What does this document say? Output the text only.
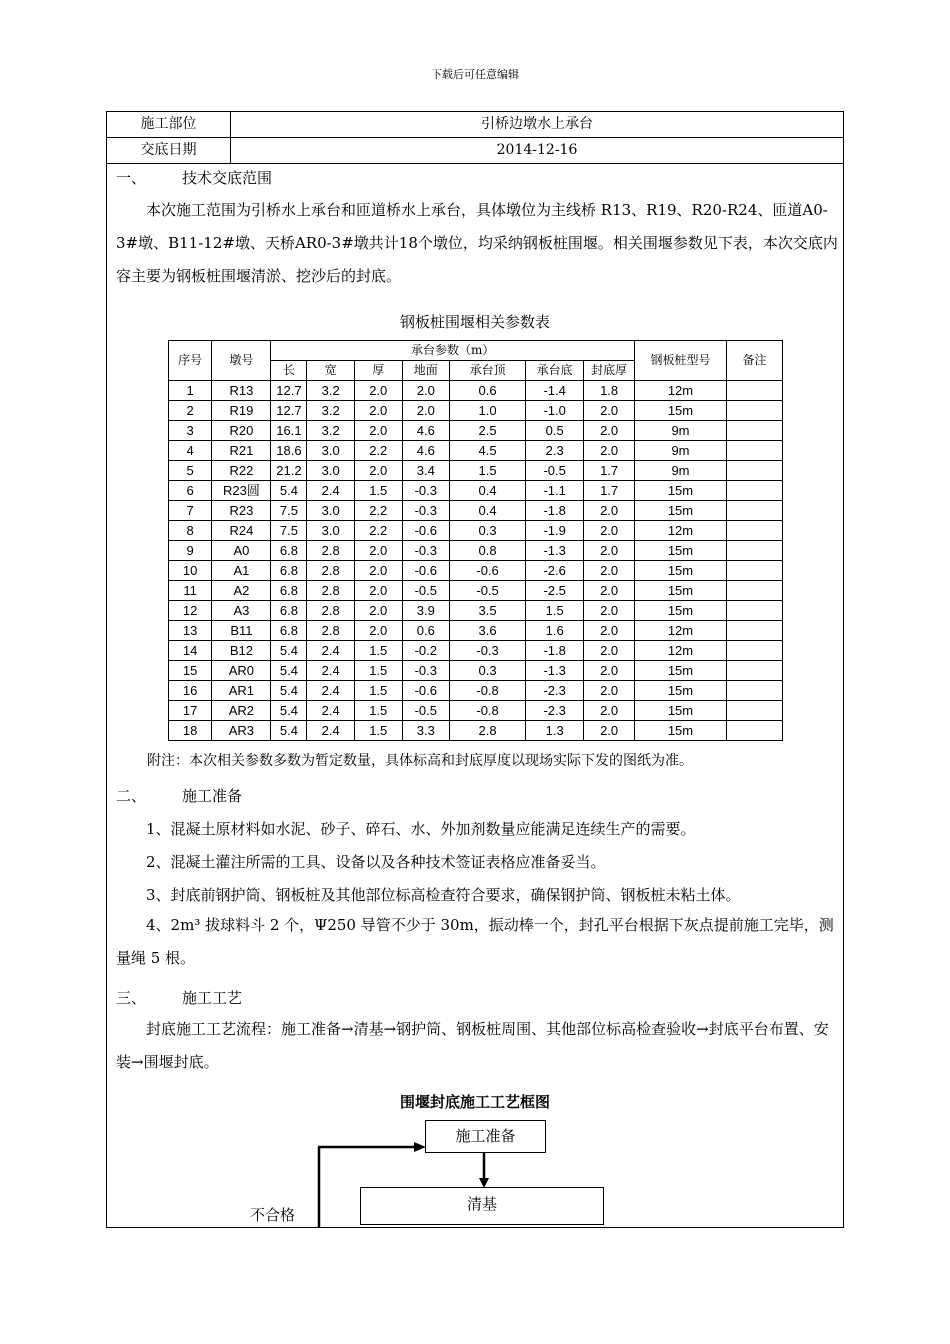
下载后可任意编辑
施工部位	引桥边墩水上承台
交底日期	2014-12-16
一、 技术交底范围
本次施工范围为引桥水上承台和匝道桥水上承台，具体墩位为主线桥 R13、R19、R20-R24、匝道A0-3#墩、B11-12#墩、天桥AR0-3#墩共计18个墩位，均采纳钢板桩围堰。相关围堰参数见下表，本次交底内容主要为钢板桩围堰清淤、挖沙后的封底。
钢板桩围堰相关参数表
序号	墩号	承台参数（m）							钢板桩型号	备注
		长	宽	厚	地面	承台顶	承台底	封底厚		
1	R13	12.7	3.2	2.0	2.0	0.6	-1.4	1.8	12m	
2	R19	12.7	3.2	2.0	2.0	1.0	-1.0	2.0	15m	
3	R20	16.1	3.2	2.0	4.6	2.5	0.5	2.0	9m	
4	R21	18.6	3.0	2.2	4.6	4.5	2.3	2.0	9m	
5	R22	21.2	3.0	2.0	3.4	1.5	-0.5	1.7	9m	
6	R23圆	5.4	2.4	1.5	-0.3	0.4	-1.1	1.7	15m	
7	R23	7.5	3.0	2.2	-0.3	0.4	-1.8	2.0	15m	
8	R24	7.5	3.0	2.2	-0.6	0.3	-1.9	2.0	12m	
9	A0	6.8	2.8	2.0	-0.3	0.8	-1.3	2.0	15m	
10	A1	6.8	2.8	2.0	-0.6	-0.6	-2.6	2.0	15m	
11	A2	6.8	2.8	2.0	-0.5	-0.5	-2.5	2.0	15m	
12	A3	6.8	2.8	2.0	3.9	3.5	1.5	2.0	15m	
13	B11	6.8	2.8	2.0	0.6	3.6	1.6	2.0	12m	
14	B12	5.4	2.4	1.5	-0.2	-0.3	-1.8	2.0	12m	
15	AR0	5.4	2.4	1.5	-0.3	0.3	-1.3	2.0	15m	
16	AR1	5.4	2.4	1.5	-0.6	-0.8	-2.3	2.0	15m	
17	AR2	5.4	2.4	1.5	-0.5	-0.8	-2.3	2.0	15m	
18	AR3	5.4	2.4	1.5	3.3	2.8	1.3	2.0	15m	
附注：本次相关参数多数为暂定数量，具体标高和封底厚度以现场实际下发的图纸为准。
二、 施工准备
1、混凝土原材料如水泥、砂子、碎石、水、外加剂数量应能满足连续生产的需要。
2、混凝土灌注所需的工具、设备以及各种技术签证表格应准备妥当。
3、封底前钢护筒、钢板桩及其他部位标高检查符合要求，确保钢护筒、钢板桩未粘土体。
4、2m³ 拔球料斗 2 个，Ψ250 导管不少于 30m，振动棒一个，封孔平台根据下灰点提前施工完毕，测量绳 5 根。
三、 施工工艺
封底施工工艺流程：施工准备→清基→钢护筒、钢板桩周围、其他部位标高检查验收→封底平台布置、安装→围堰封底。
围堰封底施工工艺框图
施工准备
清基
不合格
